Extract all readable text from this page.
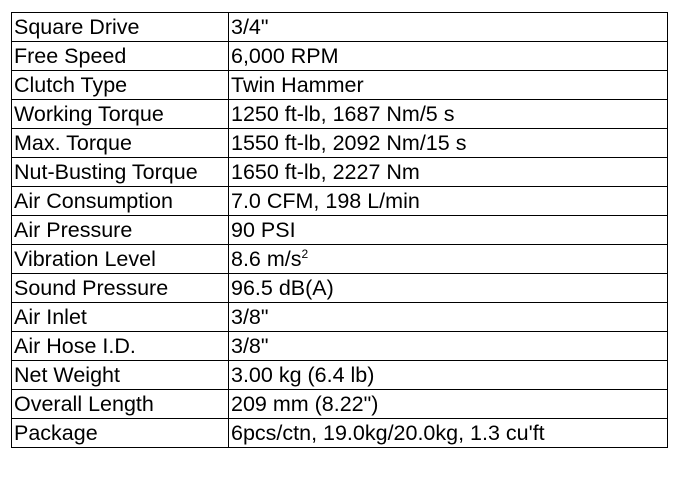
Square Drive	3/4"
Free Speed	6,000 RPM
Clutch Type	Twin Hammer
Working Torque	1250 ft-lb, 1687 Nm/5 s
Max. Torque	1550 ft-lb, 2092 Nm/15 s
Nut-Busting Torque	1650 ft-lb, 2227 Nm
Air Consumption	7.0 CFM, 198 L/min
Air Pressure	90 PSI
Vibration Level	8.6 $m/s^2$
Sound Pressure	96.5 dB(A)
Air Inlet	3/8"
Air Hose I.D.	3/8"
Net Weight	3.00 kg (6.4 lb)
Overall Length	209 mm (8.22")
Package	6pcs/ctn, 19.0kg/20.0kg, 1.3 cu'ft
